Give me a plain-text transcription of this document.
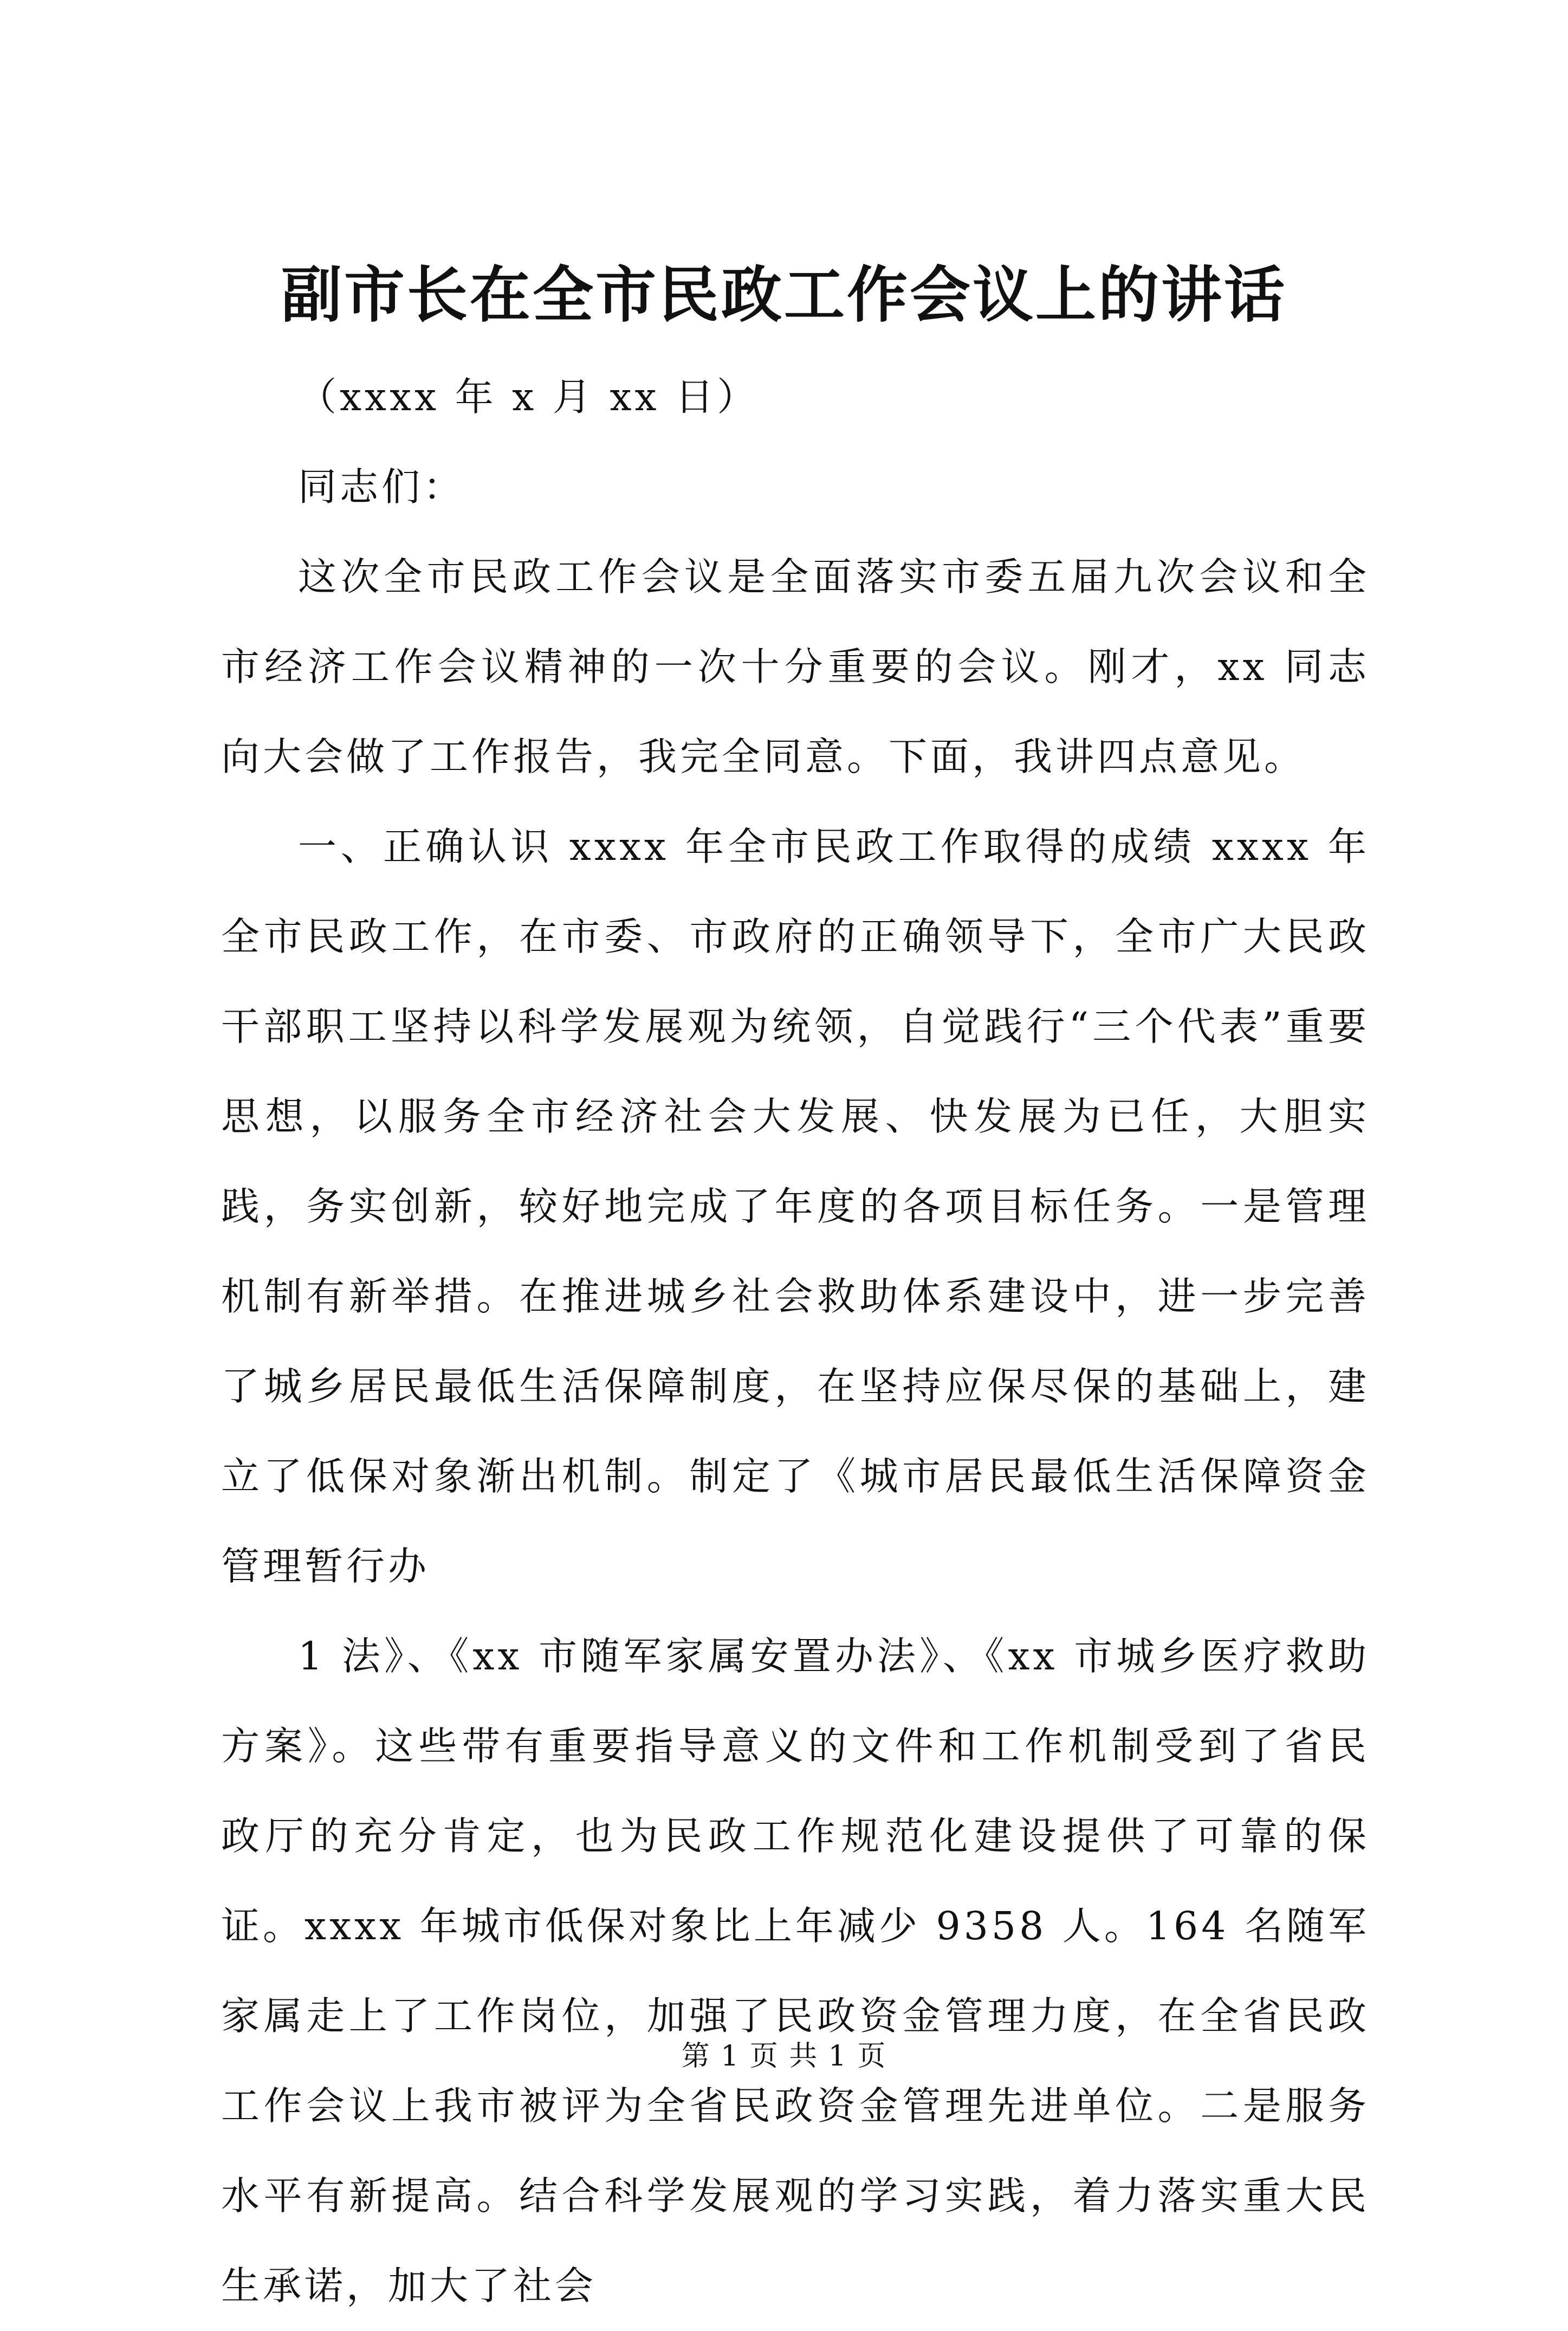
副市长在全市民政工作会议上的讲话

（xxxx 年 x 月 xx 日）

同志们：

这次全市民政工作会议是全面落实市委五届九次会议和全市经济工作会议精神的一次十分重要的会议。刚才，xx 同志向大会做了工作报告，我完全同意。下面，我讲四点意见。

一、正确认识 xxxx 年全市民政工作取得的成绩 xxxx 年全市民政工作，在市委、市政府的正确领导下，全市广大民政干部职工坚持以科学发展观为统领，自觉践行“三个代表”重要思想，以服务全市经济社会大发展、快发展为已任，大胆实践，务实创新，较好地完成了年度的各项目标任务。一是管理机制有新举措。在推进城乡社会救助体系建设中，进一步完善了城乡居民最低生活保障制度，在坚持应保尽保的基础上，建立了低保对象渐出机制。制定了《城市居民最低生活保障资金管理暂行办

1 法》、《xx 市随军家属安置办法》、《xx 市城乡医疗救助方案》。这些带有重要指导意义的文件和工作机制受到了省民政厅的充分肯定，也为民政工作规范化建设提供了可靠的保证。xxxx 年城市低保对象比上年减少 9358 人。164 名随军家属走上了工作岗位，加强了民政资金管理力度，在全省民政工作会议上我市被评为全省民政资金管理先进单位。二是服务水平有新提高。结合科学发展观的学习实践，着力落实重大民生承诺，加大了社会

第 1 页 共 1 页
